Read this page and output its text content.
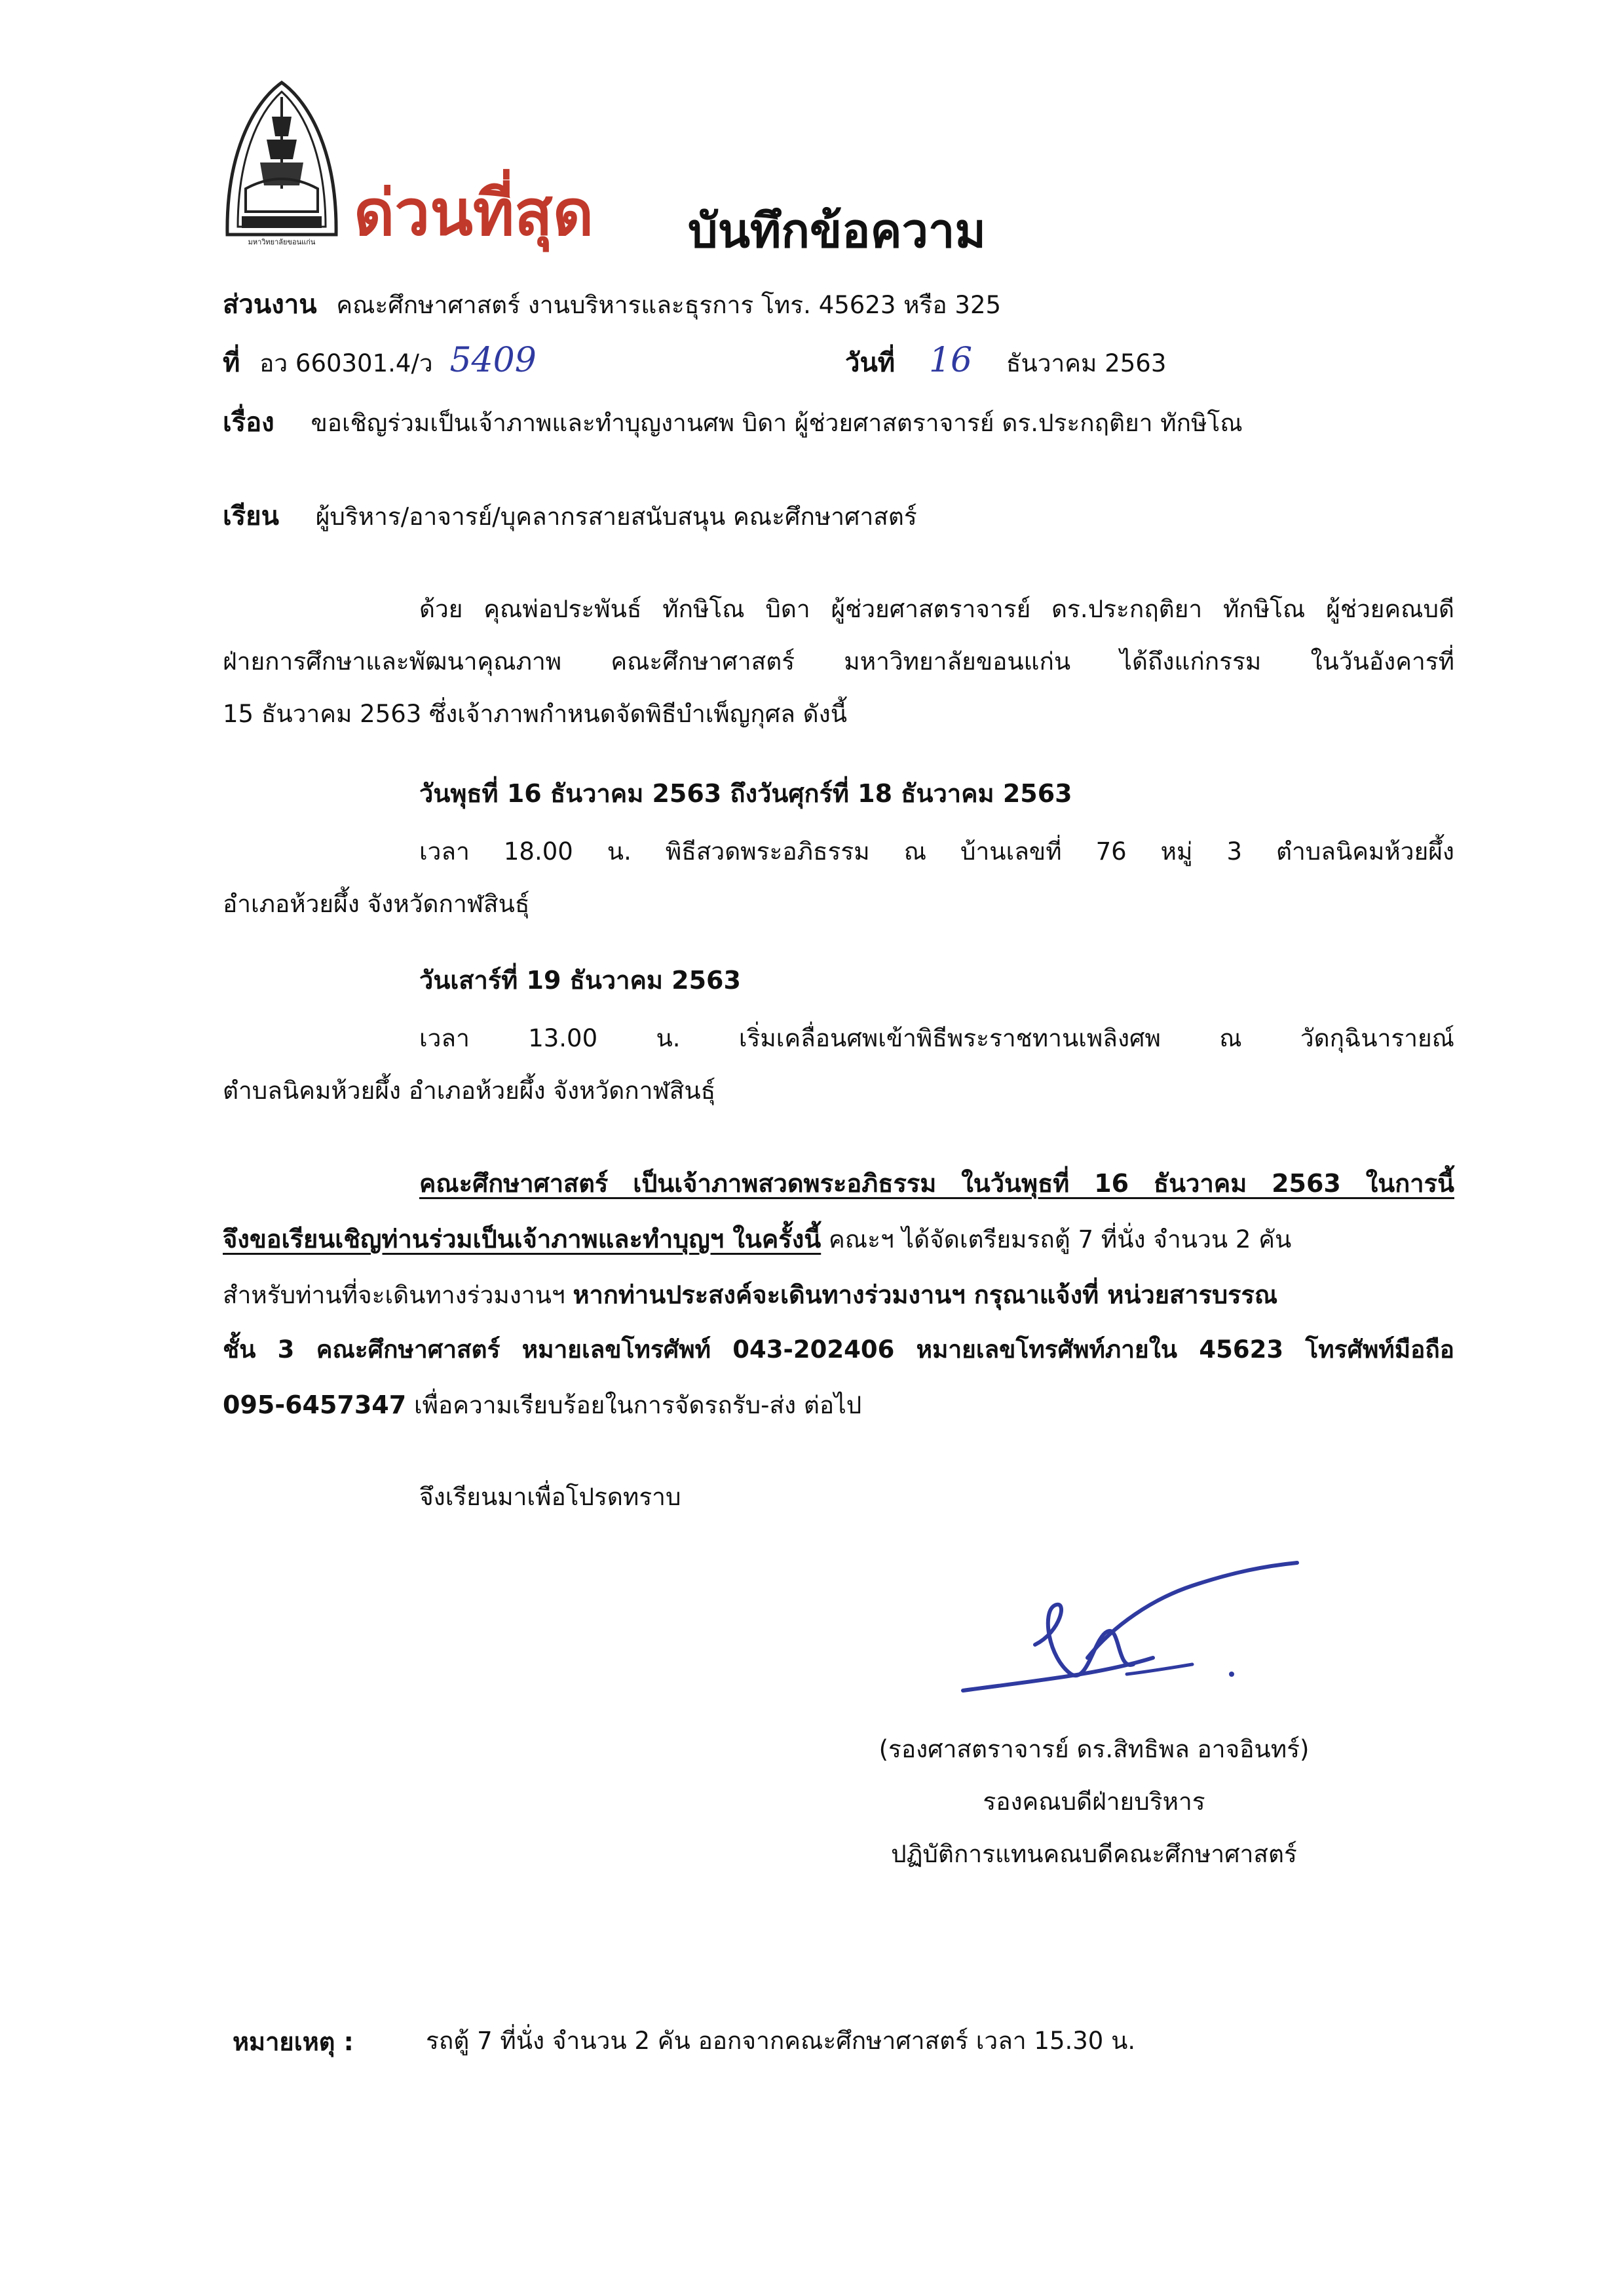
มหาวิทยาลัยขอนแก่น ด่วนที่สุด บันทึกข้อความ
ส่วนงาน คณะศึกษาศาสตร์ งานบริหารและธุรการ โทร. 45623 หรือ 325
ที่ อว 660301.4/ว 5409	วันที่ 16 ธันวาคม 2563
เรื่อง ขอเชิญร่วมเป็นเจ้าภาพและทำบุญงานศพ บิดา ผู้ช่วยศาสตราจารย์ ดร.ประกฤติยา ทักษิโณ
เรียน ผู้บริหาร/อาจารย์/บุคลากรสายสนับสนุน คณะศึกษาศาสตร์
ด้วย คุณพ่อประพันธ์ ทักษิโณ บิดา ผู้ช่วยศาสตราจารย์ ดร.ประกฤติยา ทักษิโณ ผู้ช่วยคณบดี
ฝ่ายการศึกษาและพัฒนาคุณภาพ คณะศึกษาศาสตร์ มหาวิทยาลัยขอนแก่น ได้ถึงแก่กรรม ในวันอังคารที่
15 ธันวาคม 2563 ซึ่งเจ้าภาพกำหนดจัดพิธีบำเพ็ญกุศล ดังนี้
วันพุธที่ 16 ธันวาคม 2563 ถึงวันศุกร์ที่ 18 ธันวาคม 2563
เวลา 18.00 น. พิธีสวดพระอภิธรรม ณ บ้านเลขที่ 76 หมู่ 3 ตำบลนิคมห้วยผึ้ง
อำเภอห้วยผึ้ง จังหวัดกาฬสินธุ์
วันเสาร์ที่ 19 ธันวาคม 2563
เวลา 13.00 น. เริ่มเคลื่อนศพเข้าพิธีพระราชทานเพลิงศพ ณ วัดกุฉินารายณ์
ตำบลนิคมห้วยผึ้ง อำเภอห้วยผึ้ง จังหวัดกาฬสินธุ์
คณะศึกษาศาสตร์ เป็นเจ้าภาพสวดพระอภิธรรม ในวันพุธที่ 16 ธันวาคม 2563 ในการนี้
จึงขอเรียนเชิญท่านร่วมเป็นเจ้าภาพและทำบุญฯ ในครั้งนี้ คณะฯ ได้จัดเตรียมรถตู้ 7 ที่นั่ง จำนวน 2 คัน
สำหรับท่านที่จะเดินทางร่วมงานฯ หากท่านประสงค์จะเดินทางร่วมงานฯ กรุณาแจ้งที่ หน่วยสารบรรณ
ชั้น 3 คณะศึกษาศาสตร์ หมายเลขโทรศัพท์ 043-202406 หมายเลขโทรศัพท์ภายใน 45623 โทรศัพท์มือถือ
095-6457347 เพื่อความเรียบร้อยในการจัดรถรับ-ส่ง ต่อไป
จึงเรียนมาเพื่อโปรดทราบ
(รองศาสตราจารย์ ดร.สิทธิพล อาจอินทร์)
รองคณบดีฝ่ายบริหาร
ปฏิบัติการแทนคณบดีคณะศึกษาศาสตร์
หมายเหตุ :	รถตู้ 7 ที่นั่ง จำนวน 2 คัน ออกจากคณะศึกษาศาสตร์ เวลา 15.30 น.
